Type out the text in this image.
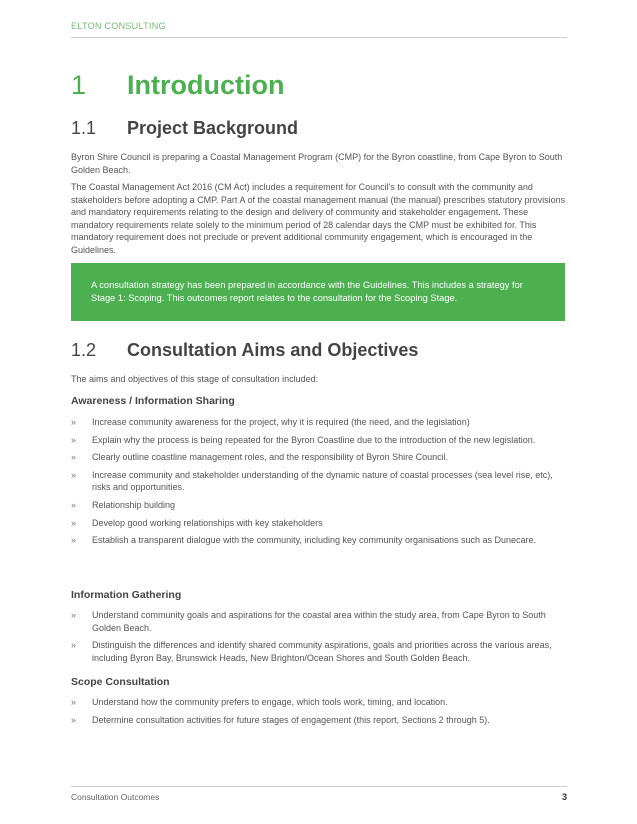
ELTON CONSULTING
1 Introduction
1.1 Project Background

Byron Shire Council is preparing a Coastal Management Program (CMP) for the Byron coastline, from Cape Byron to South Golden Beach.

The Coastal Management Act 2016 (CM Act) includes a requirement for Council's to consult with the community and stakeholders before adopting a CMP. Part A of the coastal management manual (the manual) prescribes statutory provisions and mandatory requirements relating to the design and delivery of community and stakeholder engagement. These mandatory requirements relate solely to the minimum period of 28 calendar days the CMP must be exhibited for. This mandatory requirement does not preclude or prevent additional community engagement, which is encouraged in the Guidelines.

A consultation strategy has been prepared in accordance with the Guidelines. This includes a strategy for Stage 1: Scoping. This outcomes report relates to the consultation for the Scoping Stage.
1.2 Consultation Aims and Objectives

The aims and objectives of this stage of consultation included:

Awareness / Information Sharing
» Increase community awareness for the project, why it is required (the need, and the legislation)
» Explain why the process is being repeated for the Byron Coastline due to the introduction of the new legislation.
» Clearly outline coastline management roles, and the responsibility of Byron Shire Council.
» Increase community and stakeholder understanding of the dynamic nature of coastal processes (sea level rise, etc), risks and opportunities.
» Relationship building
» Develop good working relationships with key stakeholders
» Establish a transparent dialogue with the community, including key community organisations such as Dunecare.
Information Gathering
» Understand community goals and aspirations for the coastal area within the study area, from Cape Byron to South Golden Beach.
» Distinguish the differences and identify shared community aspirations, goals and priorities across the various areas, including Byron Bay, Brunswick Heads, New Brighton/Ocean Shores and South Golden Beach.
Scope Consultation
» Understand how the community prefers to engage, which tools work, timing, and location.
» Determine consultation activities for future stages of engagement (this report, Sections 2 through 5).
Consultation Outcomes	3
